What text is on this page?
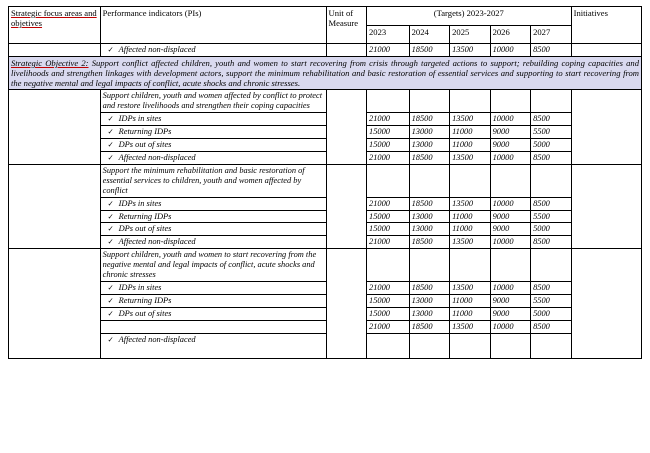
Strategic focus areas and objetives	Performance indicators (PIs)	Unit of Measure	(Targets) 2023-2027					Initiatives
			2023	2024	2025	2026	2027	
	✓ Affected non-displaced		21000	18500	13500	10000	8500	
Strategic Objective 2: Support conflict affected children, youth and women to start recovering from crisis through targeted actions to support; rebuilding coping capacities and livelihoods and strengthen linkages with development actors, support the minimum rehabilitation and basic restoration of essential services and supporting to start recovering from the negative mental and legal impacts of conflict, acute shocks and chronic stresses.								
	Support children, youth and women affected by conflict to protect and restore livelihoods and strengthen their coping capacities							
	✓ IDPs in sites		21000	18500	13500	10000	8500	
	✓ Returning IDPs		15000	13000	11000	9000	5500	
	✓ DPs out of sites		15000	13000	11000	9000	5000	
	✓ Affected non-displaced		21000	18500	13500	10000	8500	
	Support the minimum rehabilitation and basic restoration of essential services to children, youth and women affected by conflict							
	✓ IDPs in sites		21000	18500	13500	10000	8500	
	✓ Returning IDPs		15000	13000	11000	9000	5500	
	✓ DPs out of sites		15000	13000	11000	9000	5000	
	✓ Affected non-displaced		21000	18500	13500	10000	8500	
	Support children, youth and women to start recovering from the negative mental and legal impacts of conflict, acute shocks and chronic stresses							
	✓ IDPs in sites		21000	18500	13500	10000	8500	
	✓ Returning IDPs		15000	13000	11000	9000	5500	
	✓ DPs out of sites		15000	13000	11000	9000	5000	
			21000	18500	13500	10000	8500	
	✓ Affected non-displaced							
